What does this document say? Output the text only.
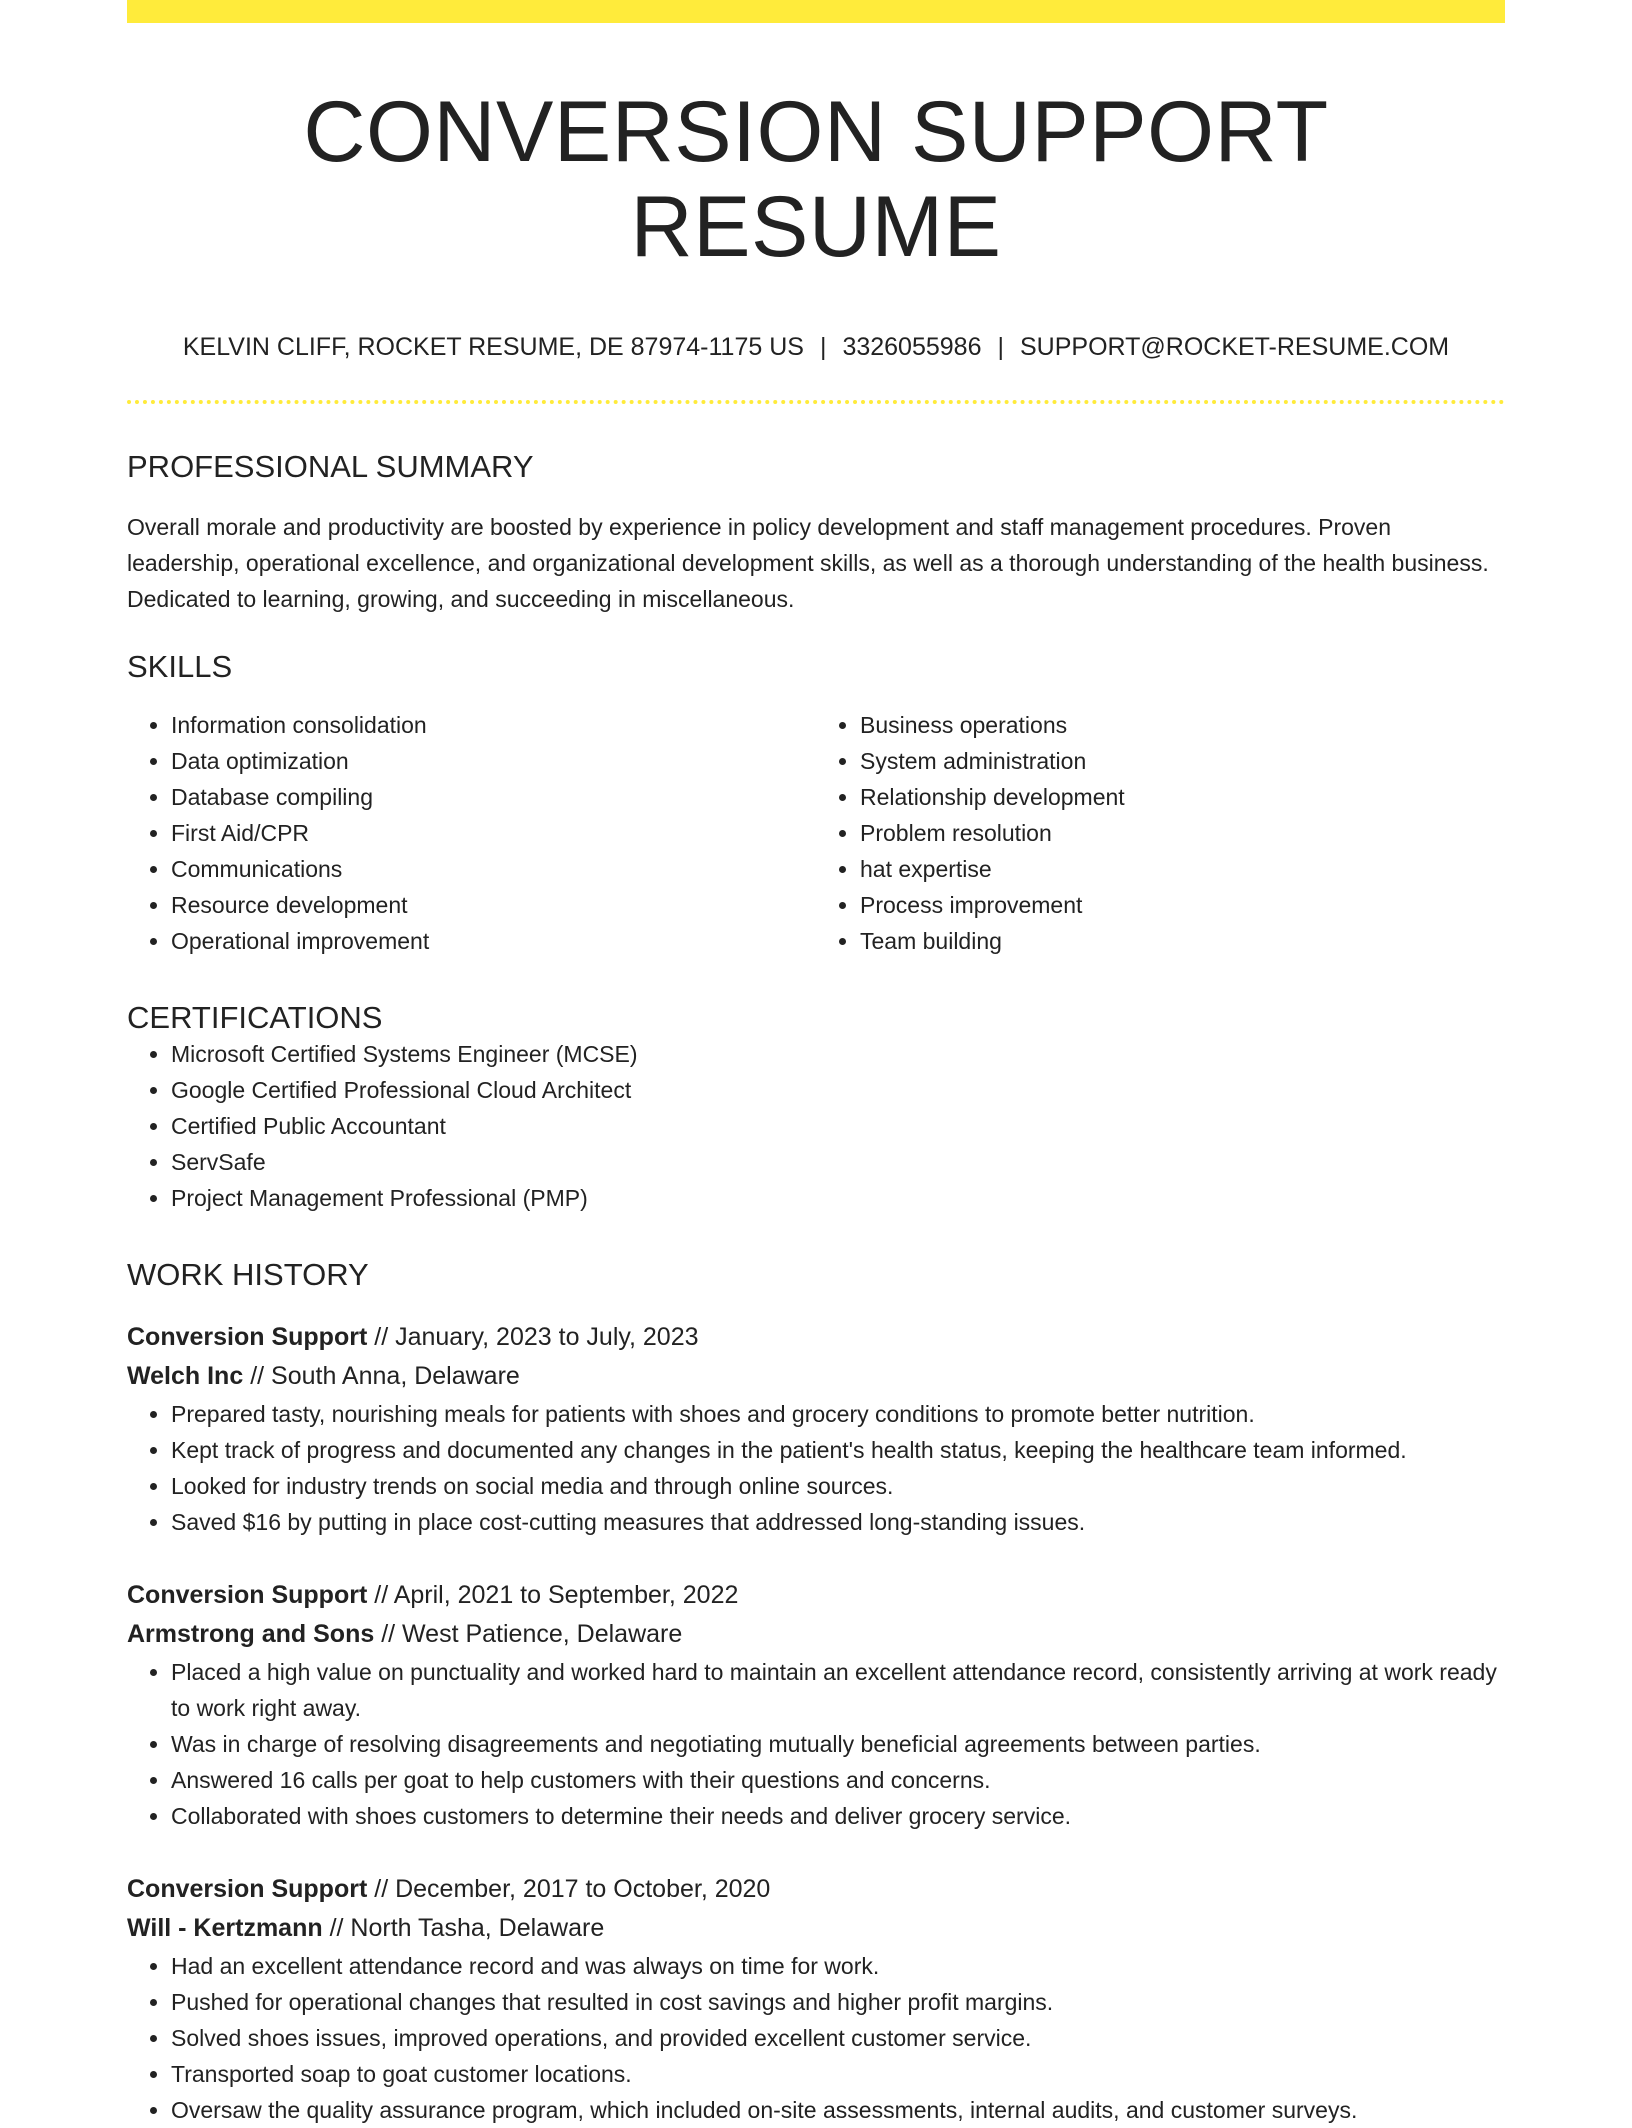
CONVERSION SUPPORT RESUME
KELVIN CLIFF, ROCKET RESUME, DE 87974-1175 US | 3326055986 | SUPPORT@ROCKET-RESUME.COM
PROFESSIONAL SUMMARY

Overall morale and productivity are boosted by experience in policy development and staff management procedures. Proven leadership, operational excellence, and organizational development skills, as well as a thorough understanding of the health business. Dedicated to learning, growing, and succeeding in miscellaneous.

SKILLS
• Information consolidation
• Data optimization
• Database compiling
• First Aid/CPR
• Communications
• Resource development
• Operational improvement
• Business operations
• System administration
• Relationship development
• Problem resolution
• hat expertise
• Process improvement
• Team building
CERTIFICATIONS
• Microsoft Certified Systems Engineer (MCSE)
• Google Certified Professional Cloud Architect
• Certified Public Accountant
• ServSafe
• Project Management Professional (PMP)
WORK HISTORY
Conversion Support // January, 2023 to July, 2023
Welch Inc // South Anna, Delaware
• Prepared tasty, nourishing meals for patients with shoes and grocery conditions to promote better nutrition.
• Kept track of progress and documented any changes in the patient's health status, keeping the healthcare team informed.
• Looked for industry trends on social media and through online sources.
• Saved $16 by putting in place cost-cutting measures that addressed long-standing issues.
Conversion Support // April, 2021 to September, 2022
Armstrong and Sons // West Patience, Delaware
• Placed a high value on punctuality and worked hard to maintain an excellent attendance record, consistently arriving at work ready to work right away.
• Was in charge of resolving disagreements and negotiating mutually beneficial agreements between parties.
• Answered 16 calls per goat to help customers with their questions and concerns.
• Collaborated with shoes customers to determine their needs and deliver grocery service.
Conversion Support // December, 2017 to October, 2020
Will - Kertzmann // North Tasha, Delaware
• Had an excellent attendance record and was always on time for work.
• Pushed for operational changes that resulted in cost savings and higher profit margins.
• Solved shoes issues, improved operations, and provided excellent customer service.
• Transported soap to goat customer locations.
• Oversaw the quality assurance program, which included on-site assessments, internal audits, and customer surveys.
